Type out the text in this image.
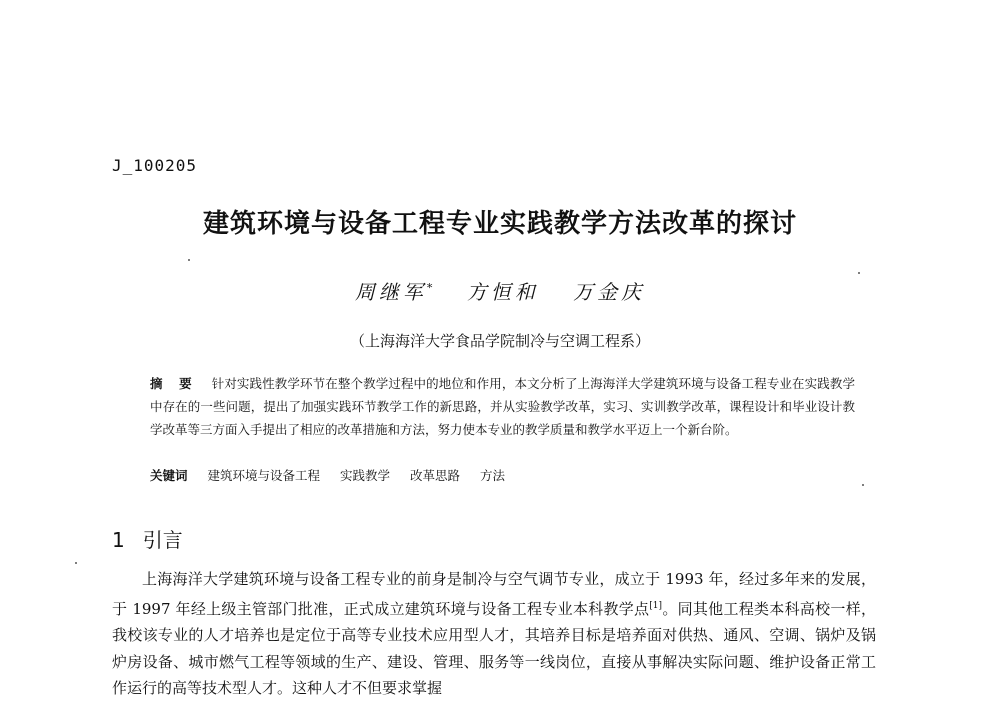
J_100205
建筑环境与设备工程专业实践教学方法改革的探讨
周继军* 方恒和 万金庆
（上海海洋大学食品学院制冷与空调工程系）
摘 要 针对实践性教学环节在整个教学过程中的地位和作用，本文分析了上海海洋大学建筑环境与设备工程专业在实践教学中存在的一些问题，提出了加强实践环节教学工作的新思路，并从实验教学改革，实习、实训教学改革，课程设计和毕业设计教学改革等三方面入手提出了相应的改革措施和方法，努力使本专业的教学质量和教学水平迈上一个新台阶。
关键词 建筑环境与设备工程 实践教学 改革思路 方法
1 引言
上海海洋大学建筑环境与设备工程专业的前身是制冷与空气调节专业，成立于 1993 年，经过多年来的发展，于 1997 年经上级主管部门批准，正式成立建筑环境与设备工程专业本科教学点[1]。同其他工程类本科高校一样，我校该专业的人才培养也是定位于高等专业技术应用型人才，其培养目标是培养面对供热、通风、空调、锅炉及锅炉房设备、城市燃气工程等领域的生产、建设、管理、服务等一线岗位，直接从事解决实际问题、维护设备正常工作运行的高等技术型人才。这种人才不但要求掌握
